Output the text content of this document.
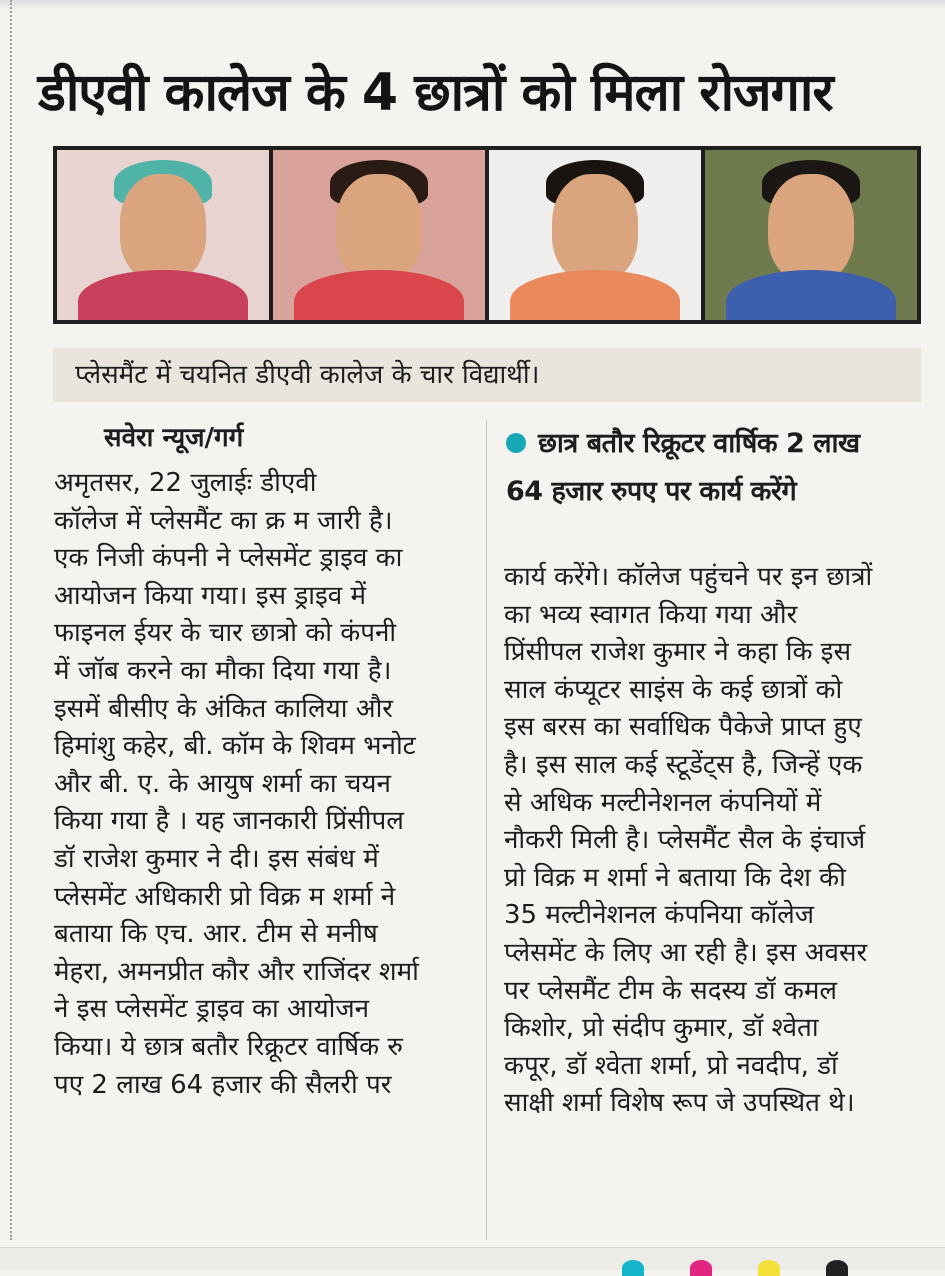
डीएवी कालेज के 4 छात्रों को मिला रोजगार
प्लेसमैंट में चयनित डीएवी कालेज के चार विद्यार्थी।
सवेरा न्यूज/गर्ग	छात्र बतौर रिक्रूटर वार्षिक 2 लाख
64 हजार रुपए पर कार्य करेंगे
अमृतसर, 22 जुलाईः डीएवी
कॉलेज में प्लेसमैंट का क्र म जारी है।
एक निजी कंपनी ने प्लेसमेंट ड्राइव का
आयोजन किया गया। इस ड्राइव में
फाइनल ईयर के चार छात्रो को कंपनी
में जॉब करने का मौका दिया गया है।
इसमें बीसीए के अंकित कालिया और
हिमांशु कहेर, बी. कॉम के शिवम भनोट
और बी. ए. के आयुष शर्मा का चयन
किया गया है । यह जानकारी प्रिंसीपल
डॉ राजेश कुमार ने दी। इस संबंध में
प्लेसमेंट अधिकारी प्रो विक्र म शर्मा ने
बताया कि एच. आर. टीम से मनीष
मेहरा, अमनप्रीत कौर और राजिंदर शर्मा
ने इस प्लेसमेंट ड्राइव का आयोजन
किया। ये छात्र बतौर रिक्रूटर वार्षिक रु
पए 2 लाख 64 हजार की सैलरी पर
कार्य करेंगे। कॉलेज पहुंचने पर इन छात्रों
का भव्य स्वागत किया गया और
प्रिंसीपल राजेश कुमार ने कहा कि इस
साल कंप्यूटर साइंस के कई छात्रों को
इस बरस का सर्वाधिक पैकेजे प्राप्त हुए
है। इस साल कई स्टूडेंट्स है, जिन्हें एक
से अधिक मल्टीनेशनल कंपनियों में
नौकरी मिली है। प्लेसमैंट सैल के इंचार्ज
प्रो विक्र म शर्मा ने बताया कि देश की
35 मल्टीनेशनल कंपनिया कॉलेज
प्लेसमेंट के लिए आ रही है। इस अवसर
पर प्लेसमैंट टीम के सदस्य डॉ कमल
किशोर, प्रो संदीप कुमार, डॉ श्वेता
कपूर, डॉ श्वेता शर्मा, प्रो नवदीप, डॉ
साक्षी शर्मा विशेष रूप जे उपस्थित थे।
